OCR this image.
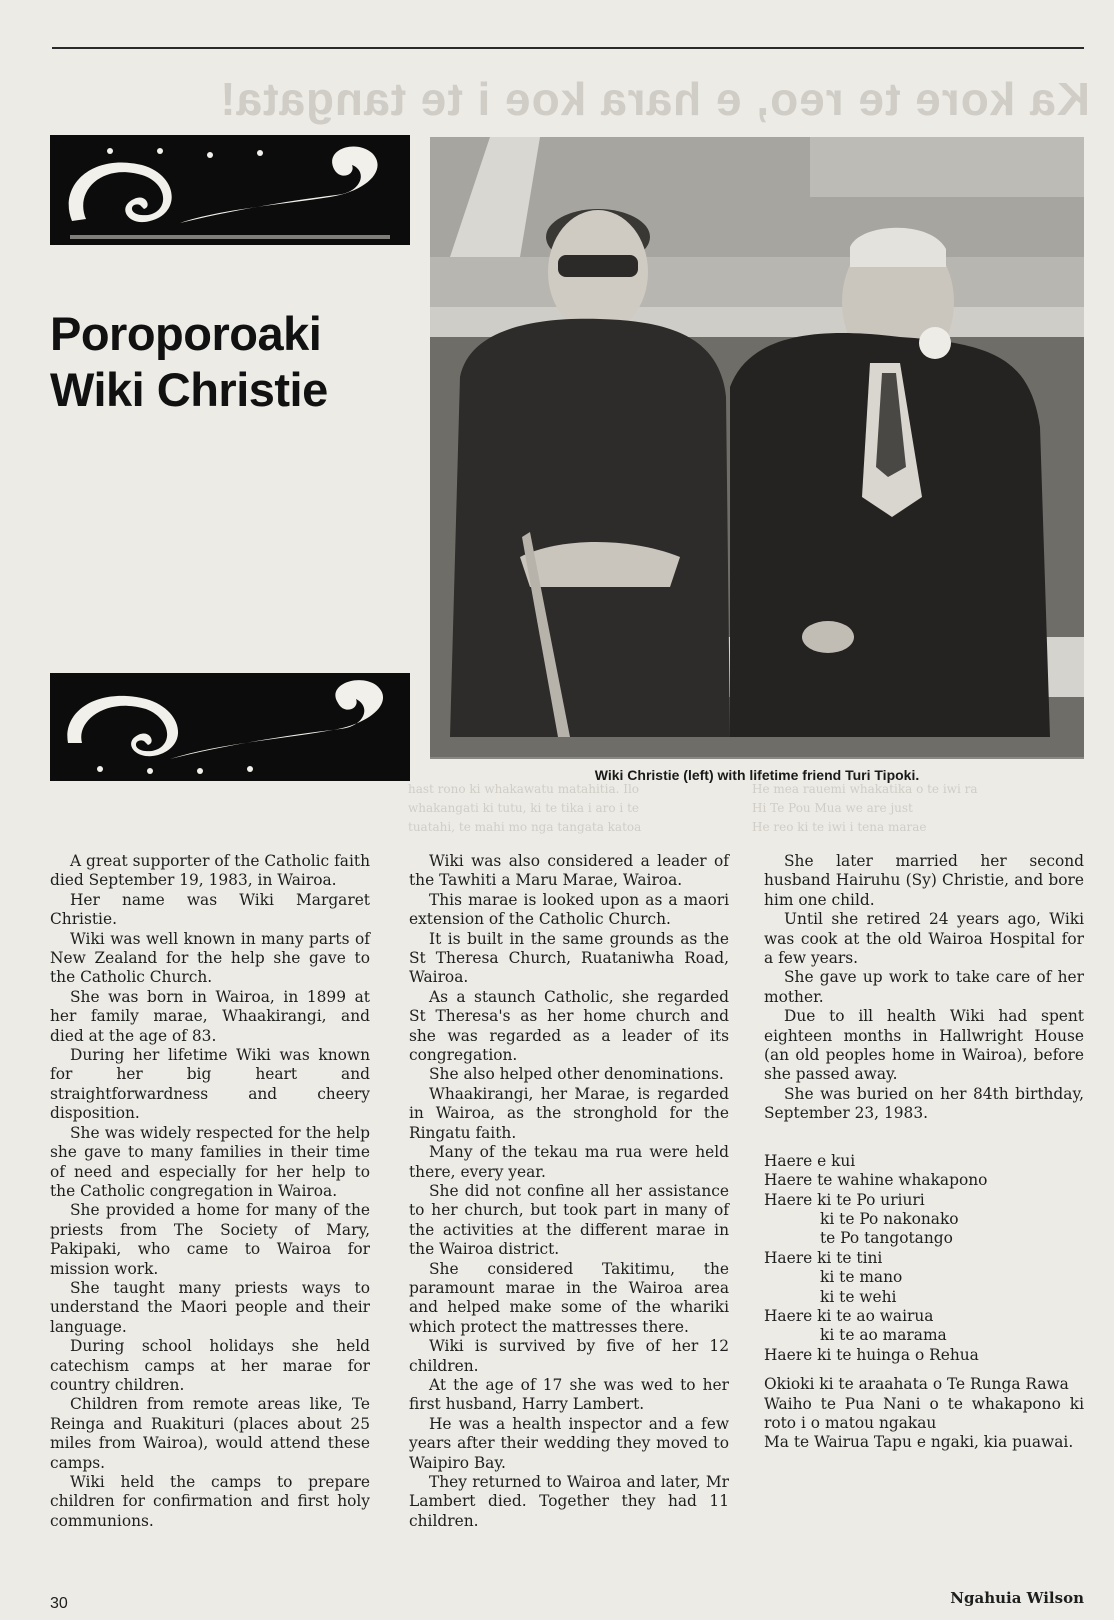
Ka kore te reo, e hara koe i te tangata!
Poroporoaki
Wiki Christie
Wiki Christie (left) with lifetime friend Turi Tipoki.
hast rono ki whakawatu matahitia. Ilo
whakangati ki tutu, ki te tika i aro i te
tuatahi, te mahi mo nga tangata katoa
He mea rauemi whakatika o te iwi ra
Hi Te Pou Mua we are just
He reo ki te iwi i tena marae

A great supporter of the Catholic faith died September 19, 1983, in Wairoa.

Her name was Wiki Margaret Christie.

Wiki was well known in many parts of New Zealand for the help she gave to the Catholic Church.

She was born in Wairoa, in 1899 at her family marae, Whaakirangi, and died at the age of 83.

During her lifetime Wiki was known for her big heart and straightforwardness and cheery disposition.

She was widely respected for the help she gave to many families in their time of need and especially for her help to the Catholic congregation in Wairoa.

She provided a home for many of the priests from The Society of Mary, Pakipaki, who came to Wairoa for mission work.

She taught many priests ways to understand the Maori people and their language.

During school holidays she held catechism camps at her marae for country children.

Children from remote areas like, Te Reinga and Ruakituri (places about 25 miles from Wairoa), would attend these camps.

Wiki held the camps to prepare children for confirmation and first holy communions.

Wiki was also considered a leader of the Tawhiti a Maru Marae, Wairoa.

This marae is looked upon as a maori extension of the Catholic Church.

It is built in the same grounds as the St Theresa Church, Ruataniwha Road, Wairoa.

As a staunch Catholic, she regarded St Theresa's as her home church and she was regarded as a leader of its congregation.

She also helped other denominations.

Whaakirangi, her Marae, is regarded in Wairoa, as the stronghold for the Ringatu faith.

Many of the tekau ma rua were held there, every year.

She did not confine all her assistance to her church, but took part in many of the activities at the different marae in the Wairoa district.

She considered Takitimu, the paramount marae in the Wairoa area and helped make some of the whariki which protect the mattresses there.

Wiki is survived by five of her 12 children.

At the age of 17 she was wed to her first husband, Harry Lambert.

He was a health inspector and a few years after their wedding they moved to Waipiro Bay.

They returned to Wairoa and later, Mr Lambert died. Together they had 11 children.

She later married her second husband Hairuhu (Sy) Christie, and bore him one child.

Until she retired 24 years ago, Wiki was cook at the old Wairoa Hospital for a few years.

She gave up work to take care of her mother.

Due to ill health Wiki had spent eighteen months in Hallwright House (an old peoples home in Wairoa), before she passed away.

She was buried on her 84th birthday, September 23, 1983.

Haere e kui
Haere te wahine whakapono
Haere ki te Po uriuri
ki te Po nakonako
te Po tangotango
Haere ki te tini
ki te mano
ki te wehi
Haere ki te ao wairua
ki te ao marama
Haere ki te huinga o Rehua
Okioki ki te araahata o Te Runga Rawa
Waiho te Pua Nani o te whakapono ki roto i o matou ngakau
Ma te Wairua Tapu e ngaki, kia puawai.
Ngahuia Wilson
30
